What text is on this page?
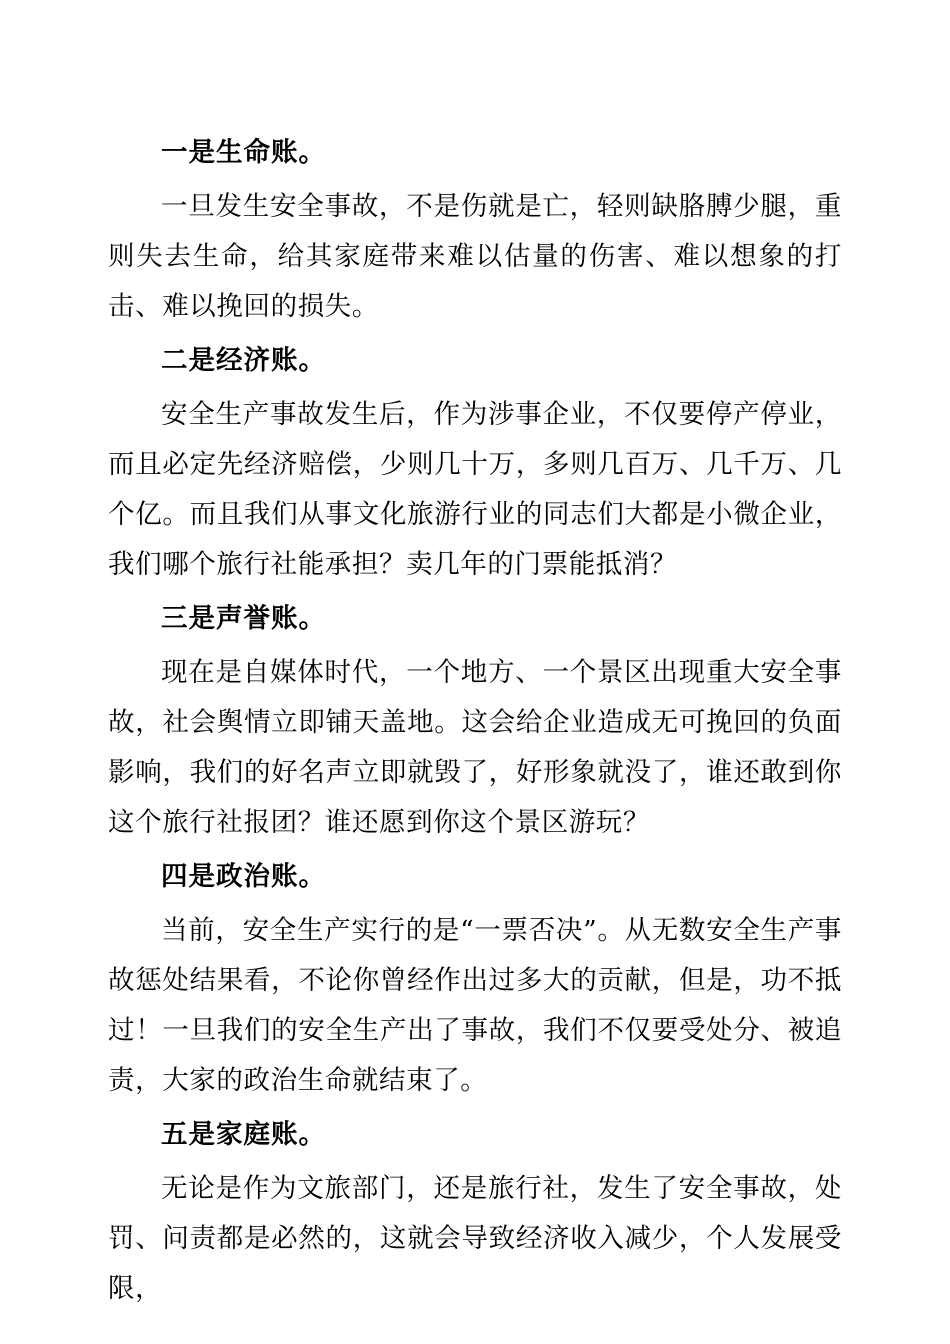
一是生命账。

一旦发生安全事故，不是伤就是亡，轻则缺胳膊少腿，重则失去生命，给其家庭带来难以估量的伤害、难以想象的打击、难以挽回的损失。

二是经济账。

安全生产事故发生后，作为涉事企业，不仅要停产停业，而且必定先经济赔偿，少则几十万，多则几百万、几千万、几个亿。而且我们从事文化旅游行业的同志们大都是小微企业，我们哪个旅行社能承担？卖几年的门票能抵消？

三是声誉账。

现在是自媒体时代，一个地方、一个景区出现重大安全事故，社会舆情立即铺天盖地。这会给企业造成无可挽回的负面影响，我们的好名声立即就毁了，好形象就没了，谁还敢到你这个旅行社报团？谁还愿到你这个景区游玩？

四是政治账。

当前，安全生产实行的是“一票否决”。从无数安全生产事故惩处结果看，不论你曾经作出过多大的贡献，但是，功不抵过！一旦我们的安全生产出了事故，我们不仅要受处分、被追责，大家的政治生命就结束了。

五是家庭账。

无论是作为文旅部门，还是旅行社，发生了安全事故，处罚、问责都是必然的，这就会导致经济收入减少，个人发展受限，
